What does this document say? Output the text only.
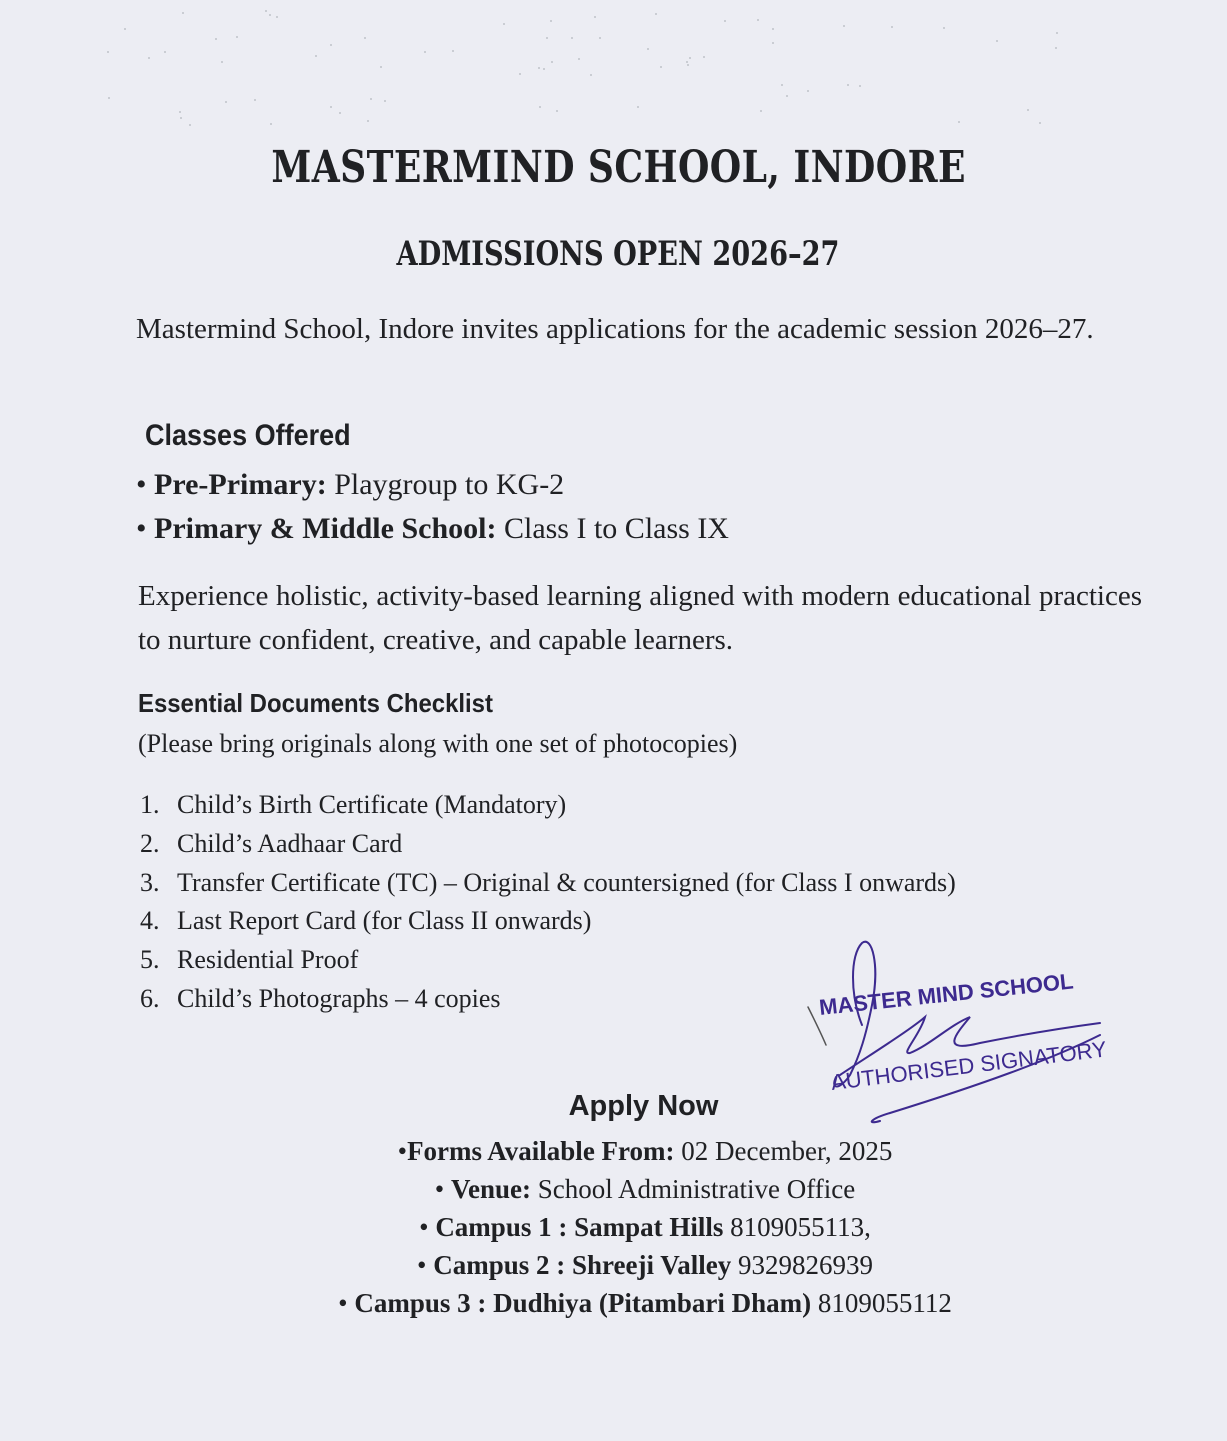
MASTERMIND SCHOOL, INDORE
ADMISSIONS OPEN 2026–27
Mastermind School, Indore invites applications for the academic session 2026–27.
Classes Offered
• Pre-Primary: Playgroup to KG-2
• Primary & Middle School: Class I to Class IX
Experience holistic, activity-based learning aligned with modern educational practices to nurture confident, creative, and capable learners.
Essential Documents Checklist
(Please bring originals along with one set of photocopies)
1. Child’s Birth Certificate (Mandatory)
2. Child’s Aadhaar Card
3. Transfer Certificate (TC) – Original & countersigned (for Class I onwards)
4. Last Report Card (for Class II onwards)
5. Residential Proof
6. Child’s Photographs – 4 copies	MASTER MIND SCHOOL
AUTHORISED SIGNATORY
Apply Now
•Forms Available From: 02 December, 2025
• Venue: School Administrative Office
• Campus 1 : Sampat Hills 8109055113,
• Campus 2 : Shreeji Valley 9329826939
• Campus 3 : Dudhiya (Pitambari Dham) 8109055112
